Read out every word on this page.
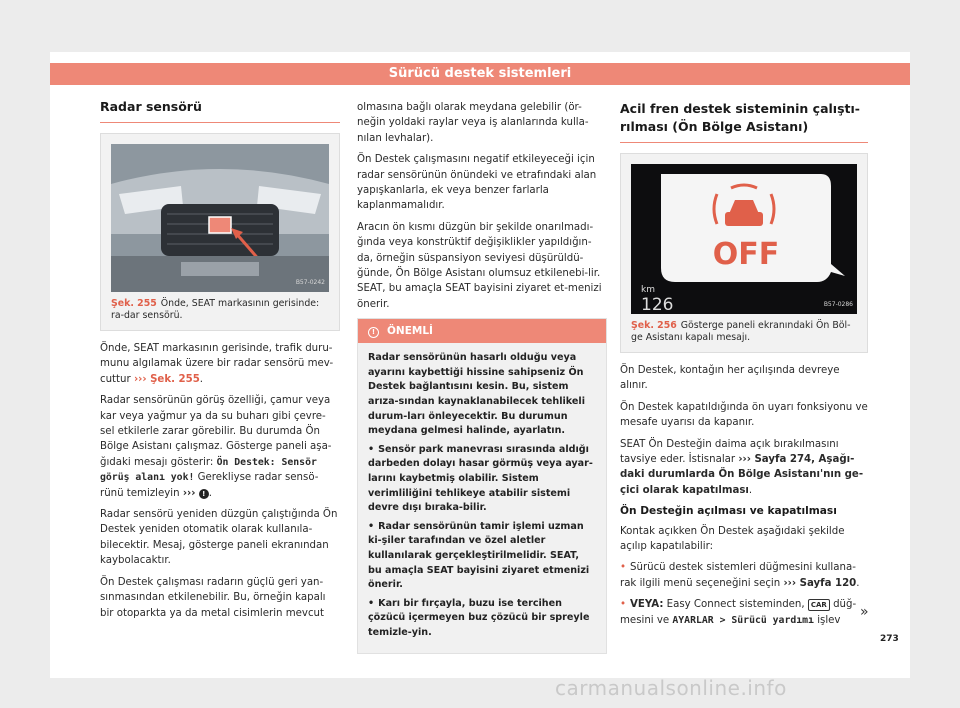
Sürücü destek sistemleri
Radar sensörü
B57-0242
Şek. 255 Önde, SEAT markasının gerisinde: ra-dar sensörü.

Önde, SEAT markasının gerisinde, trafik duru-munu algılamak üzere bir radar sensörü mev-cuttur ››› Şek. 255.

Radar sensörünün görüş özelliği, çamur veya kar veya yağmur ya da su buharı gibi çevre-sel etkilerle zarar görebilir. Bu durumda Ön Bölge Asistanı çalışmaz. Gösterge paneli aşa-ğıdaki mesajı gösterir: Ön Destek: Sensör görüş alanı yok! Gerekliyse radar sensö-rünü temizleyin ››› ! .

Radar sensörü yeniden düzgün çalıştığında Ön Destek yeniden otomatik olarak kullanıla-bilecektir. Mesaj, gösterge paneli ekranından kaybolacaktır.

Ön Destek çalışması radarın güçlü geri yan-sınmasından etkilenebilir. Bu, örneğin kapalı bir otoparkta ya da metal cisimlerin mevcut

olmasına bağlı olarak meydana gelebilir (ör-neğin yoldaki raylar veya iş alanlarında kulla-nılan levhalar).

Ön Destek çalışmasını negatif etkileyeceği için radar sensörünün önündeki ve etrafındaki alan yapışkanlarla, ek veya benzer farlarla kaplanmamalıdır.

Aracın ön kısmı düzgün bir şekilde onarılmadı-ğında veya konstrüktif değişiklikler yapıldığın-da, örneğin süspansiyon seviyesi düşürüldü-ğünde, Ön Bölge Asistanı olumsuz etkilenebi-lir. SEAT, bu amaçla SEAT bayisini ziyaret et-menizi önerir.

! ÖNEMLİ

Radar sensörünün hasarlı olduğu veya ayarını kaybettiği hissine sahipseniz Ön Destek bağlantısını kesin. Bu, sistem arıza-sından kaynaklanabilecek tehlikeli durum-ları önleyecektir. Bu durumun meydana gelmesi halinde, ayarlatın.

• Sensör park manevrası sırasında aldığı darbeden dolayı hasar görmüş veya ayar-larını kaybetmiş olabilir. Sistem verimliliğini tehlikeye atabilir sistemi devre dışı bırakа-bilir.

• Radar sensörünün tamir işlemi uzman ki-şiler tarafından ve özel aletler kullanılarak gerçekleştirilmelidir. SEAT, bu amaçla SEAT bayisini ziyaret etmenizi önerir.

• Karı bir fırçayla, buzu ise tercihen çözücü içermeyen buz çözücü bir spreyle temizle-yin.

Acil fren destek sisteminin çalıştı-rılması (Ön Bölge Asistanı)
OFF
km
126	B57-0286
Şek. 256 Gösterge paneli ekranındaki Ön Böl-ge Asistanı kapalı mesajı.

Ön Destek, kontağın her açılışında devreye alınır.

Ön Destek kapatıldığında ön uyarı fonksiyonu ve mesafe uyarısı da kapanır.

SEAT Ön Desteğin daima açık bırakılmasını tavsiye eder. İstisnalar ››› Sayfa 274, Aşağı-daki durumlarda Ön Bölge Asistanı'nın ge-çici olarak kapatılması.

Ön Desteğin açılması ve kapatılması

Kontak açıkken Ön Destek aşağıdaki şekilde açılıp kapatılabilir:

• Sürücü destek sistemleri düğmesini kullana-rak ilgili menü seçeneğini seçin ››› Sayfa 120.

• VEYA: Easy Connect sisteminden, CAR düğ-mesini ve AYARLAR > Sürücü yardımı işlev

»
273
carmanualsonline.info
